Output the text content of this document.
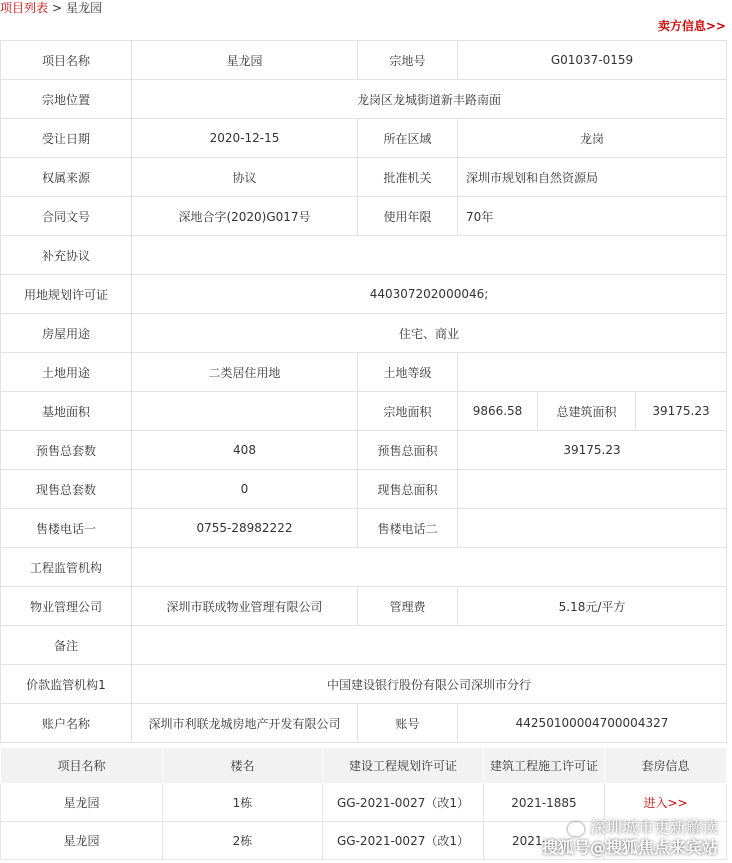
项目列表 > 星龙园
卖方信息>>
项目名称	星龙园	宗地号	G01037-0159		
宗地位置	龙岗区龙城街道新丰路南面				
受让日期	2020-12-15	所在区域	龙岗		
权属来源	协议	批准机关	深圳市规划和自然资源局		
合同文号	深地合字(2020)G017号	使用年限	70年		
补充协议					
用地规划许可证	440307202000046;				
房屋用途	住宅、商业				
土地用途	二类居住用地	土地等级			
基地面积		宗地面积	9866.58	总建筑面积	39175.23
预售总套数	408	预售总面积	39175.23		
现售总套数	0	现售总面积			
售楼电话一	0755-28982222	售楼电话二			
工程监管机构					
物业管理公司	深圳市联成物业管理有限公司	管理费	5.18元/平方		
备注					
价款监管机构1	中国建设银行股份有限公司深圳市分行				
账户名称	深圳市利联龙城房地产开发有限公司	账号	44250100004700004327		
项目名称	楼名	建设工程规划许可证	建筑工程施工许可证	套房信息
星龙园	1栋	GG-2021-0027（改1）	2021-1885	进入>>
星龙园	2栋	GG-2021-0027（改1）	2021-	
深圳城市更新解读
搜狐号@搜狐焦点来宾站
